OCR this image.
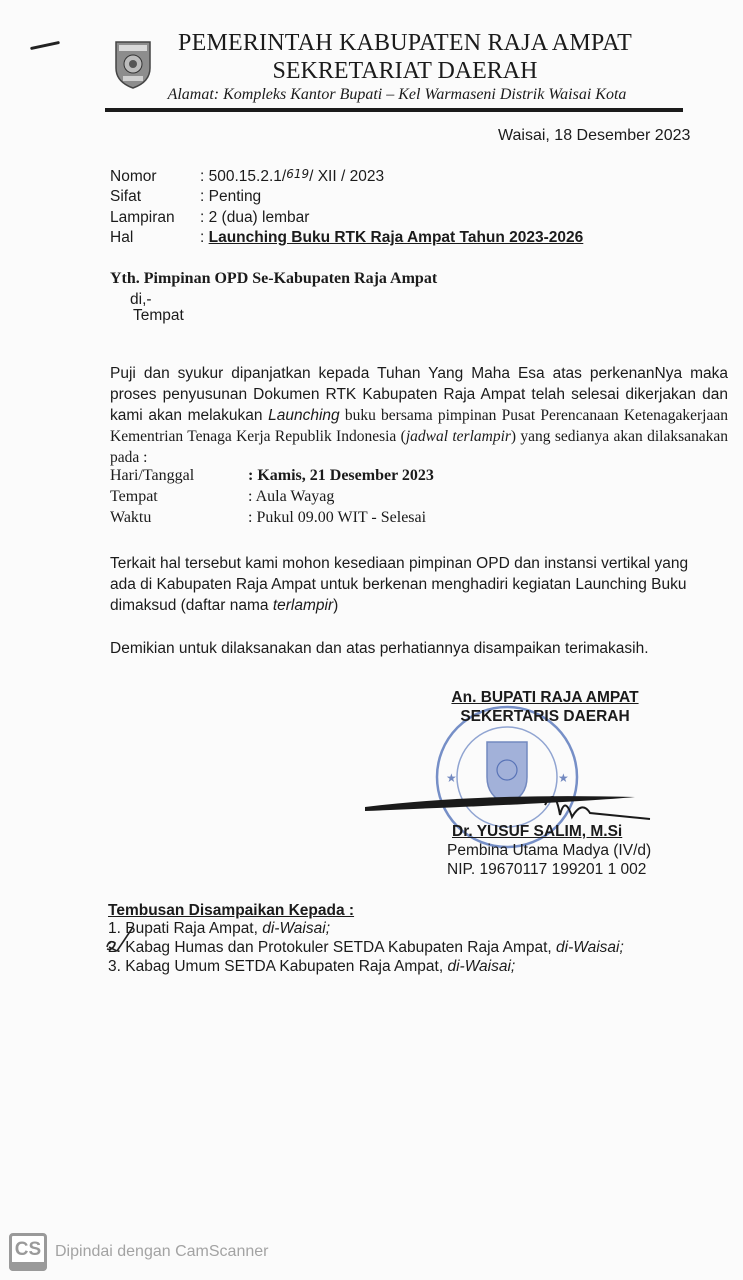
PEMERINTAH KABUPATEN RAJA AMPAT
SEKRETARIAT DAERAH
Alamat: Kompleks Kantor Bupati – Kel Warmaseni Distrik Waisai Kota
Waisai, 18 Desember 2023
Nomor	: 500.15.2.1/619/ XII / 2023
Sifat	: Penting
Lampiran : 2 (dua) lembar
Hal	: Launching Buku RTK Raja Ampat Tahun 2023-2026
Yth. Pimpinan OPD Se-Kabupaten Raja Ampat
di,-
Tempat
Puji dan syukur dipanjatkan kepada Tuhan Yang Maha Esa atas perkenanNya maka proses penyusunan Dokumen RTK Kabupaten Raja Ampat telah selesai dikerjakan dan kami akan melakukan Launching buku bersama pimpinan Pusat Perencanaan Ketenagakerjaan Kementrian Tenaga Kerja Republik Indonesia (jadwal terlampir) yang sedianya akan dilaksanakan pada :
Hari/Tanggal	: Kamis, 21 Desember 2023
Tempat	: Aula Wayag
Waktu	: Pukul 09.00 WIT - Selesai
Terkait hal tersebut kami mohon kesediaan pimpinan OPD dan instansi vertikal yang ada di Kabupaten Raja Ampat untuk berkenan menghadiri kegiatan Launching Buku dimaksud (daftar nama terlampir)
Demikian untuk dilaksanakan dan atas perhatiannya disampaikan terimakasih.
★	★
An. BUPATI RAJA AMPAT
SEKERTARIS DAERAH
Dr. YUSUF SALIM, M.Si
Pembina Utama Madya (IV/d)
NIP. 19670117 199201 1 002
Tembusan Disampaikan Kepada :
1. Bupati Raja Ampat, di-Waisai;
2. Kabag Humas dan Protokuler SETDA Kabupaten Raja Ampat, di-Waisai;
3. Kabag Umum SETDA Kabupaten Raja Ampat, di-Waisai;
CS Dipindai dengan CamScanner
